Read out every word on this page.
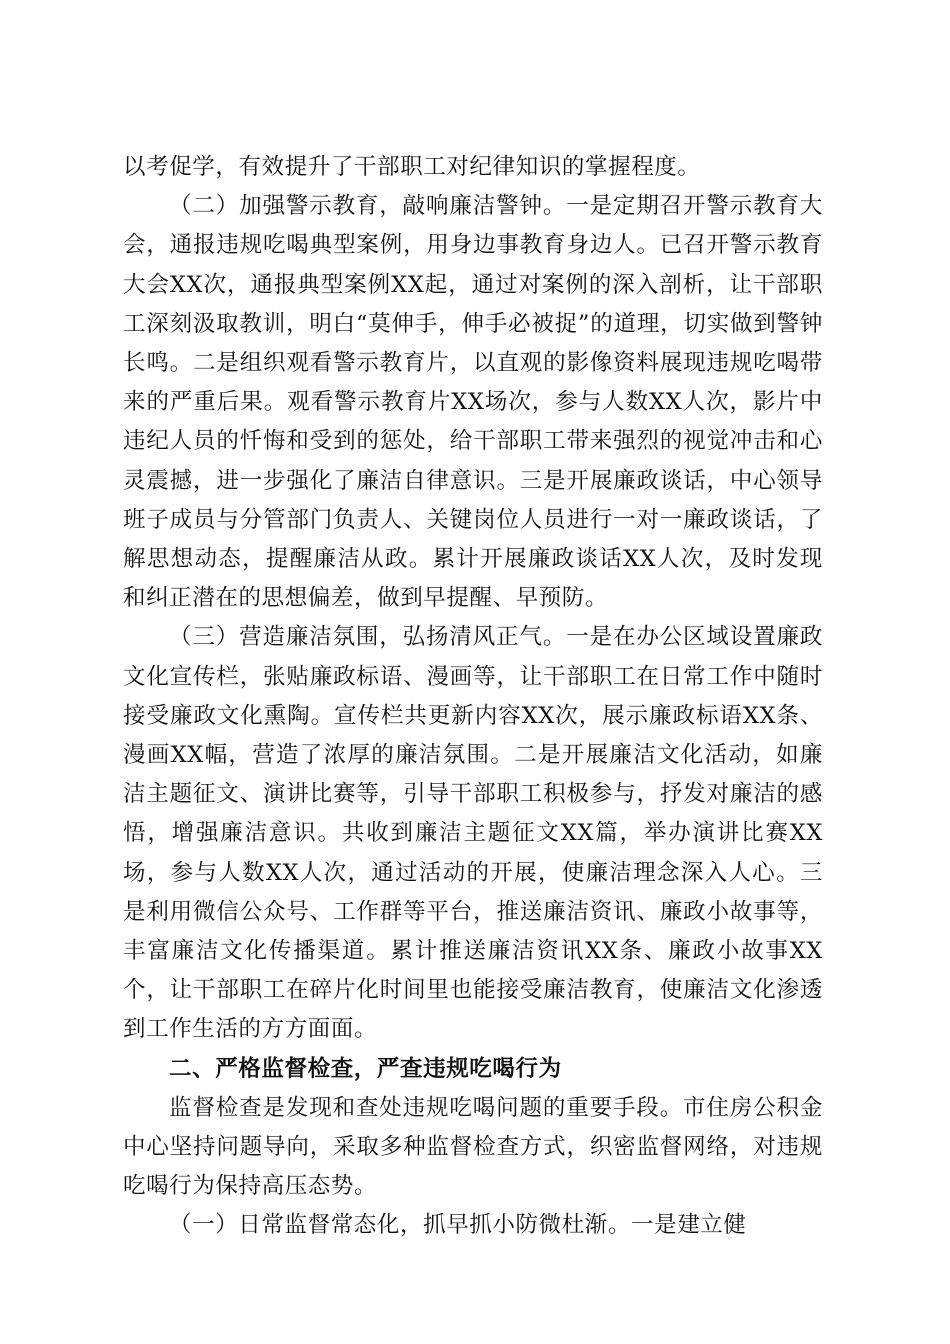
以考促学，有效提升了干部职工对纪律知识的掌握程度。

（二）加强警示教育，敲响廉洁警钟。一是定期召开警示教育大会，通报违规吃喝典型案例，用身边事教育身边人。已召开警示教育大会XX次，通报典型案例XX起，通过对案例的深入剖析，让干部职工深刻汲取教训，明白“莫伸手，伸手必被捉”的道理，切实做到警钟长鸣。二是组织观看警示教育片，以直观的影像资料展现违规吃喝带来的严重后果。观看警示教育片XX场次，参与人数XX人次，影片中违纪人员的忏悔和受到的惩处，给干部职工带来强烈的视觉冲击和心灵震撼，进一步强化了廉洁自律意识。三是开展廉政谈话，中心领导班子成员与分管部门负责人、关键岗位人员进行一对一廉政谈话，了解思想动态，提醒廉洁从政。累计开展廉政谈话XX人次，及时发现和纠正潜在的思想偏差，做到早提醒、早预防。

（三）营造廉洁氛围，弘扬清风正气。一是在办公区域设置廉政文化宣传栏，张贴廉政标语、漫画等，让干部职工在日常工作中随时接受廉政文化熏陶。宣传栏共更新内容XX次，展示廉政标语XX条、漫画XX幅，营造了浓厚的廉洁氛围。二是开展廉洁文化活动，如廉洁主题征文、演讲比赛等，引导干部职工积极参与，抒发对廉洁的感悟，增强廉洁意识。共收到廉洁主题征文XX篇，举办演讲比赛XX场，参与人数XX人次，通过活动的开展，使廉洁理念深入人心。三是利用微信公众号、工作群等平台，推送廉洁资讯、廉政小故事等，丰富廉洁文化传播渠道。累计推送廉洁资讯XX条、廉政小故事XX个，让干部职工在碎片化时间里也能接受廉洁教育，使廉洁文化渗透到工作生活的方方面面。

二、严格监督检查，严查违规吃喝行为

监督检查是发现和查处违规吃喝问题的重要手段。市住房公积金中心坚持问题导向，采取多种监督检查方式，织密监督网络，对违规吃喝行为保持高压态势。

（一）日常监督常态化，抓早抓小防微杜渐。一是建立健
